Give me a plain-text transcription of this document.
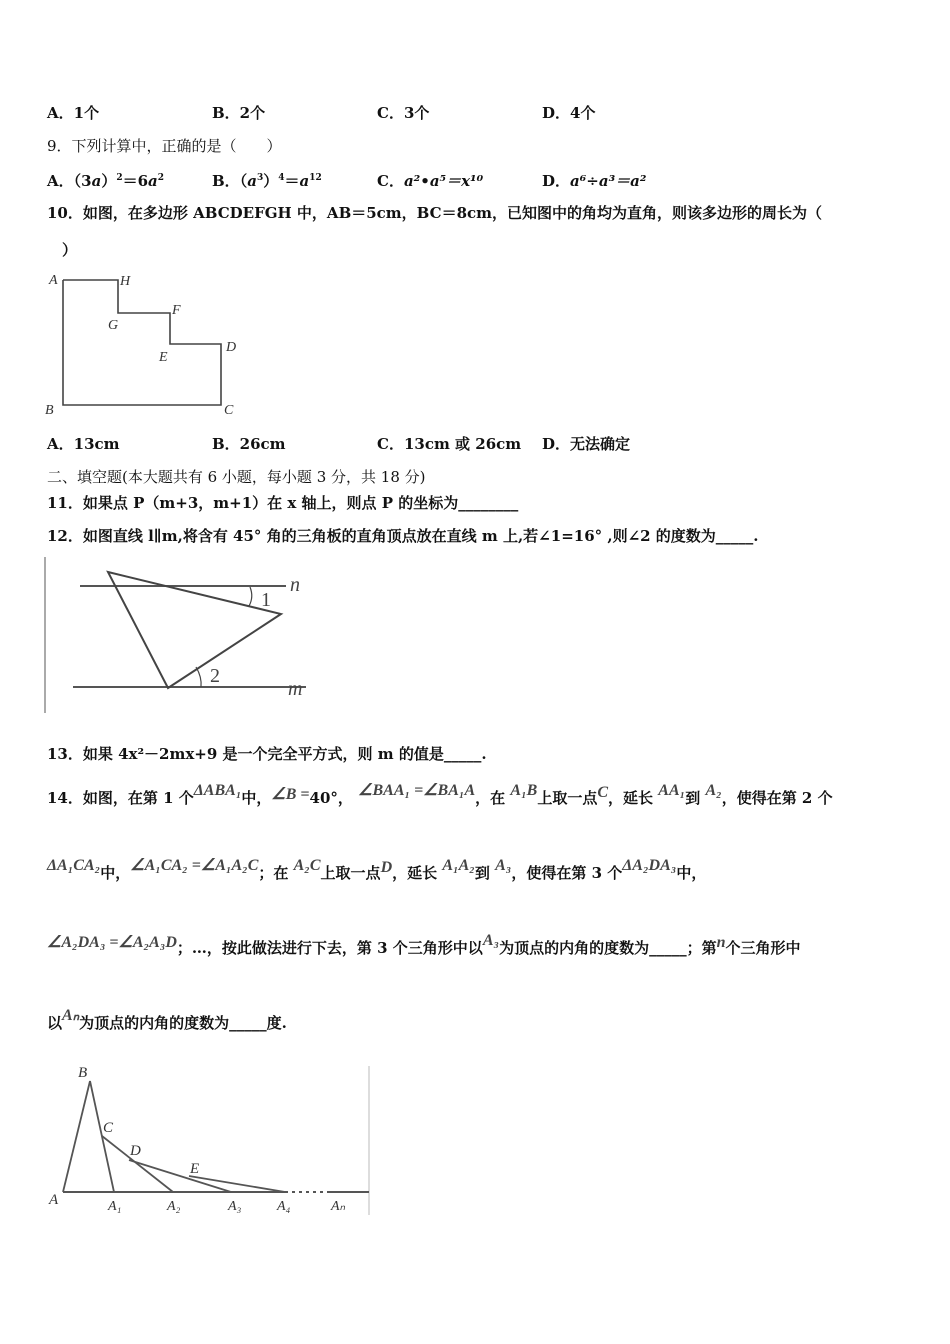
A．1个	B．2个	C．3个	D．4个
9．下列计算中，正确的是（　　）
A．$(3a)^2=6a^2$	B．$(a^3)^4=a^{12}$	C．a²•a⁵＝x¹⁰	D．a⁶÷a³＝a²
10．如图，在多边形 ABCDEFGH 中，AB＝5cm，BC＝8cm，已知图中的角均为直角，则该多边形的周长为（
）
A	H
G
F
E
D
B	C
A．13cm	B．26cm	C．13cm 或 26cm D．无法确定
二、填空题(本大题共有 6 小题，每小题 3 分，共 18 分)
11．如果点 P（m+3，m+1）在 x 轴上，则点 P 的坐标为________
12．如图直线 l∥m,将含有 45° 角的三角板的直角顶点放在直线 m 上,若∠1=16° ,则∠2 的度数为_____.
n
1
2
m
13．如果 4x²－2mx+9 是一个完全平方式，则 m 的值是_____.
14．如图，在第 1 个ΔABA₁中，∠B =40°， ∠BAA₁ =∠BA₁A，在 A₁B上取一点C，延长 AA₁到 A₂，使得在第 2 个
ΔA₁CA₂中，∠A₁CA₂ =∠A₁A₂C；在 A₂C上取一点D，延长 A₁A₂到 A₃，使得在第 3 个ΔA₂DA₃中，
∠A₂DA₃ =∠A₂A₃D；…，按此做法进行下去，第 3 个三角形中以A₃为顶点的内角的度数为_____；第n个三角形中
以Aₙ为顶点的内角的度数为_____度.
B
C
D
E
A	A₁	A₂	A₃	A₄	Aₙ
